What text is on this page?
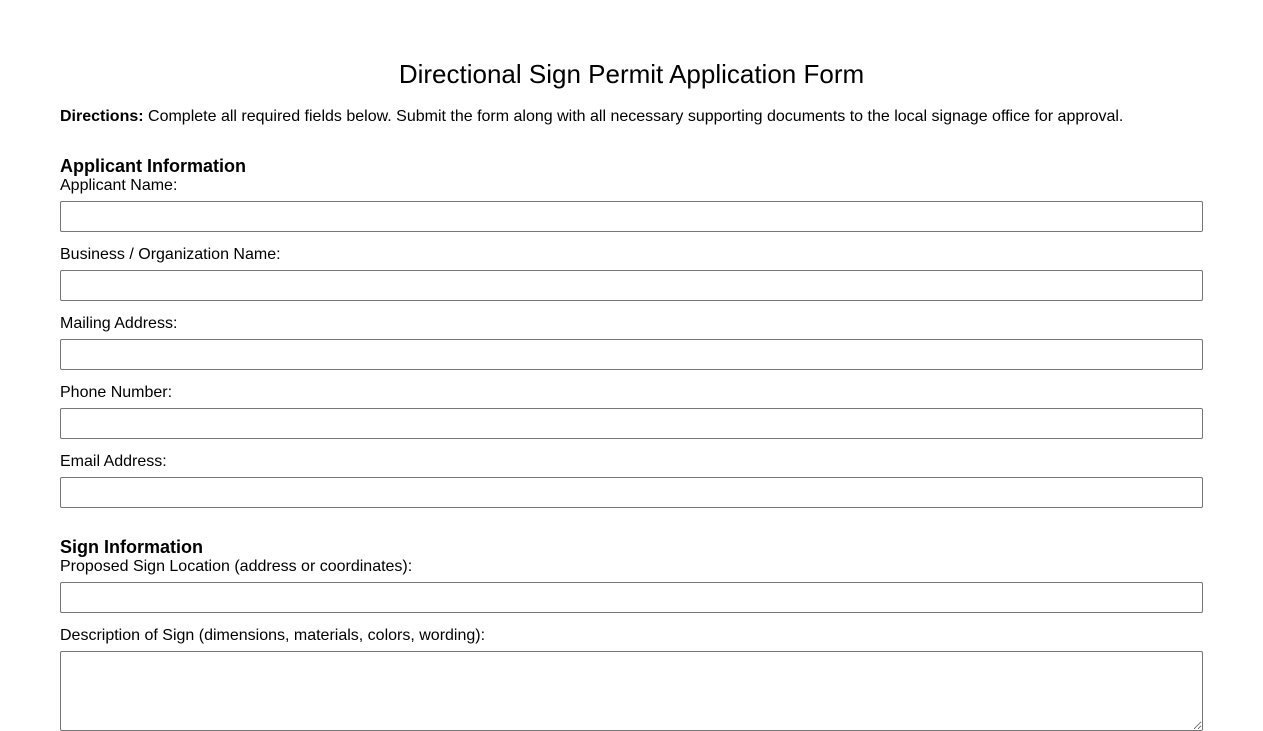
Directional Sign Permit Application Form

Directions: Complete all required fields below. Submit the form along with all necessary supporting documents to the local signage office for approval.

Applicant Information
Applicant Name:
Business / Organization Name:
Mailing Address:
Phone Number:
Email Address:
Sign Information
Proposed Sign Location (address or coordinates):
Description of Sign (dimensions, materials, colors, wording):
